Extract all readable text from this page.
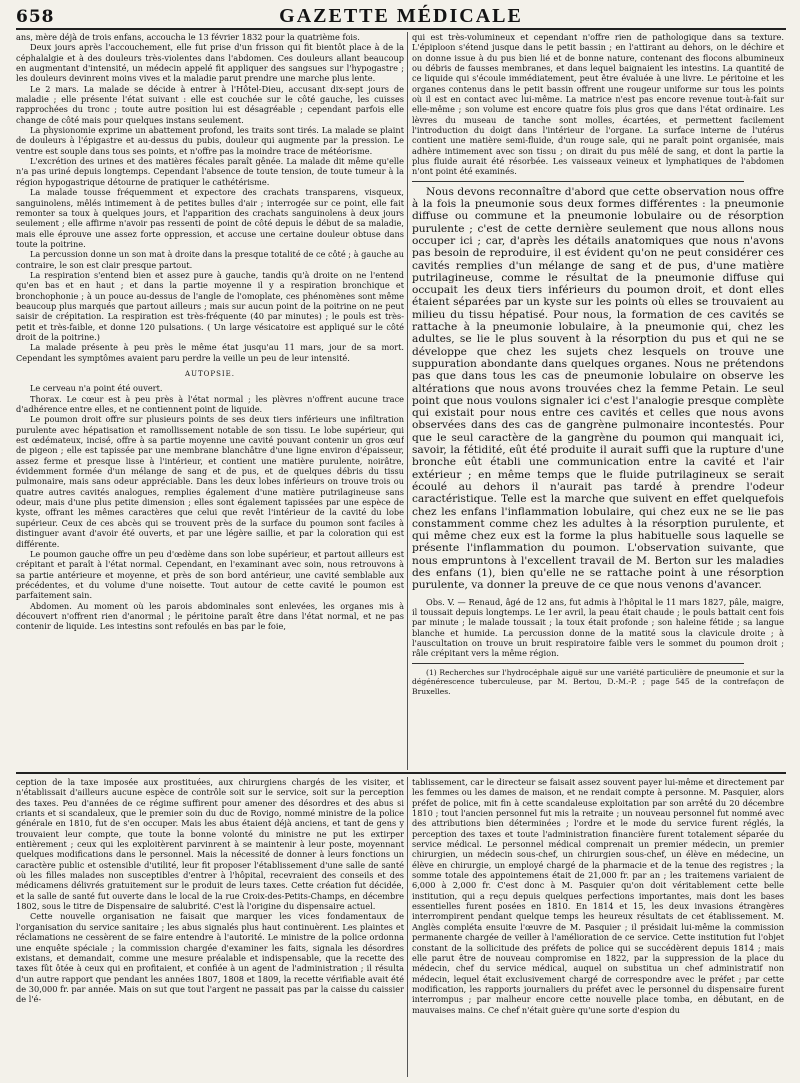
658	GAZETTE MÉDICALE

ans, mère déjà de trois enfans, accoucha le 13 février 1832 pour la quatrième fois.

Deux jours après l'accouchement, elle fut prise d'un frisson qui fit bientôt place à de la céphalalgie et à des douleurs très-violentes dans l'abdomen. Ces douleurs allant beaucoup en augmentant d'intensité, un médecin appelé fit appliquer des sangsues sur l'hypogastre ; les douleurs devinrent moins vives et la maladie parut prendre une marche plus lente.

Le 2 mars. La malade se décide à entrer à l'Hôtel-Dieu, accusant dix-sept jours de maladie ; elle présente l'état suivant : elle est couchée sur le côté gauche, les cuisses rapprochées du tronc ; toute autre position lui est désagréable ; cependant parfois elle change de côté mais pour quelques instans seulement.

La physionomie exprime un abattement profond, les traits sont tirés. La malade se plaint de douleurs à l'épigastre et au-dessus du pubis, douleur qui augmente par la pression. Le ventre est souple dans tous ses points, et n'offre pas la moindre trace de météorisme.

L'excrétion des urines et des matières fécales paraît gênée. La malade dit même qu'elle n'a pas uriné depuis longtemps. Cependant l'absence de toute tension, de toute tumeur à la région hypogastrique détourne de pratiquer le cathétérisme.

La malade tousse fréquemment et expectore des crachats transparens, visqueux, sanguinolens, mêlés intimement à de petites bulles d'air ; interrogée sur ce point, elle fait remonter sa toux à quelques jours, et l'apparition des crachats sanguinolens à deux jours seulement ; elle affirme n'avoir pas ressenti de point de côté depuis le début de sa maladie, mais elle éprouve une assez forte oppression, et accuse une certaine douleur obtuse dans toute la poitrine.

La percussion donne un son mat à droite dans la presque totalité de ce côté ; à gauche au contraire, le son est clair presque partout.

La respiration s'entend bien et assez pure à gauche, tandis qu'à droite on ne l'entend qu'en bas et en haut ; et dans la partie moyenne il y a respiration bronchique et bronchophonie ; à un pouce au-dessus de l'angle de l'omoplate, ces phénomènes sont même beaucoup plus marqués que partout ailleurs ; mais sur aucun point de la poitrine on ne peut saisir de crépitation. La respiration est très-fréquente (40 par minutes) ; le pouls est très-petit et très-faible, et donne 120 pulsations. ( Un large vésicatoire est appliqué sur le côté droit de la poitrine.)

La malade présente à peu près le même état jusqu'au 11 mars, jour de sa mort. Cependant les symptômes avaient paru perdre la veille un peu de leur intensité.

AUTOPSIE.

Le cerveau n'a point été ouvert.

Thorax. Le cœur est à peu près à l'état normal ; les plèvres n'offrent aucune trace d'adhérence entre elles, et ne contiennent point de liquide.

Le poumon droit offre sur plusieurs points de ses deux tiers inférieurs une infiltration purulente avec hépatisation et ramollissement notable de son tissu. Le lobe supérieur, qui est œdémateux, incisé, offre à sa partie moyenne une cavité pouvant contenir un gros œuf de pigeon ; elle est tapissée par une membrane blanchâtre d'une ligne environ d'épaisseur, assez ferme et presque lisse à l'intérieur, et contient une matière purulente, noirâtre, évidemment formée d'un mélange de sang et de pus, et de quelques débris du tissu pulmonaire, mais sans odeur appréciable. Dans les deux lobes inférieurs on trouve trois ou quatre autres cavités analogues, remplies également d'une matière putrilagineuse sans odeur, mais d'une plus petite dimension ; elles sont également tapissées par une espèce de kyste, offrant les mêmes caractères que celui que revêt l'intérieur de la cavité du lobe supérieur. Ceux de ces abcès qui se trouvent près de la surface du poumon sont faciles à distinguer avant d'avoir été ouverts, et par une légère saillie, et par la coloration qui est différente.

Le poumon gauche offre un peu d'œdème dans son lobe supérieur, et partout ailleurs est crépitant et paraît à l'état normal. Cependant, en l'examinant avec soin, nous retrouvons à sa partie antérieure et moyenne, et près de son bord antérieur, une cavité semblable aux précédentes, et du volume d'une noisette. Tout autour de cette cavité le poumon est parfaitement sain.

Abdomen. Au moment où les parois abdominales sont enlevées, les organes mis à découvert n'offrent rien d'anormal ; le péritoine paraît être dans l'état normal, et ne pas contenir de liquide. Les intestins sont refoulés en bas par le foie,

qui est très-volumineux et cependant n'offre rien de pathologique dans sa texture. L'épiploon s'étend jusque dans le petit bassin ; en l'attirant au dehors, on le déchire et on donne issue à du pus bien lié et de bonne nature, contenant des flocons albumineux ou débris de fausses membranes, et dans lequel baignaient les intestins. La quantité de ce liquide qui s'écoule immédiatement, peut être évaluée à une livre. Le péritoine et les organes contenus dans le petit bassin offrent une rougeur uniforme sur tous les points où il est en contact avec lui-même. La matrice n'est pas encore revenue tout-à-fait sur elle-même ; son volume est encore quatre fois plus gros que dans l'état ordinaire. Les lèvres du museau de tanche sont molles, écartées, et permettent facilement l'introduction du doigt dans l'intérieur de l'organe. La surface interne de l'utérus contient une matière semi-fluide, d'un rouge sale, qui ne paraît point organisée, mais adhère intimement avec son tissu ; on dirait du pus mêlé de sang, et dont la partie la plus fluide aurait été résorbée. Les vaisseaux veineux et lymphatiques de l'abdomen n'ont point été examinés.

Nous devons reconnaître d'abord que cette observation nous offre à la fois la pneumonie sous deux formes différentes : la pneumonie diffuse ou commune et la pneumonie lobulaire ou de résorption purulente ; c'est de cette dernière seulement que nous allons nous occuper ici ; car, d'après les détails anatomiques que nous n'avons pas besoin de reproduire, il est évident qu'on ne peut considérer ces cavités remplies d'un mélange de sang et de pus, d'une matière putrilagineuse, comme le résultat de la pneumonie diffuse qui occupait les deux tiers inférieurs du poumon droit, et dont elles étaient séparées par un kyste sur les points où elles se trouvaient au milieu du tissu hépatisé. Pour nous, la formation de ces cavités se rattache à la pneumonie lobulaire, à la pneumonie qui, chez les adultes, se lie le plus souvent à la résorption du pus et qui ne se développe que chez les sujets chez lesquels on trouve une suppuration abondante dans quelques organes. Nous ne prétendons pas que dans tous les cas de pneumonie lobulaire on observe les altérations que nous avons trouvées chez la femme Petain. Le seul point que nous voulons signaler ici c'est l'analogie presque complète qui existait pour nous entre ces cavités et celles que nous avons observées dans des cas de gangrène pulmonaire incontestés. Pour que le seul caractère de la gangrène du poumon qui manquait ici, savoir, la fétidité, eût été produite il aurait suffi que la rupture d'une bronche eût établi une communication entre la cavité et l'air extérieur ; en même temps que le fluide putrilagineux se serait écoulé au dehors il n'aurait pas tardé à prendre l'odeur caractéristique. Telle est la marche que suivent en effet quelquefois chez les enfans l'inflammation lobulaire, qui chez eux ne se lie pas constamment comme chez les adultes à la résorption purulente, et qui même chez eux est la forme la plus habituelle sous laquelle se présente l'inflammation du poumon. L'observation suivante, que nous empruntons à l'excellent travail de M. Berton sur les maladies des enfans (1), bien qu'elle ne se rattache point à une résorption purulente, va donner la preuve de ce que nous venons d'avancer.

Obs. V. — Renaud, âgé de 12 ans, fut admis à l'hôpital le 11 mars 1827, pâle, maigre, il toussait depuis longtemps. Le 1er avril, la peau était chaude ; le pouls battait cent fois par minute ; le malade toussait ; la toux était profonde ; son haleine fétide ; sa langue blanche et humide. La percussion donne de la matité sous la clavicule droite ; à l'auscultation on trouve un bruit respiratoire faible vers le sommet du poumon droit ; râle crépitant vers la même région.

(1) Recherches sur l'hydrocéphale aiguë sur une variété particulière de pneumonie et sur la dégénérescence tuberculeuse, par M. Bertou, D.-M.-P. ; page 545 de la contrefaçon de Bruxelles.

ception de la taxe imposée aux prostituées, aux chirurgiens chargés de les visiter, et n'établissait d'ailleurs aucune espèce de contrôle soit sur le service, soit sur la perception des taxes. Peu d'années de ce régime suffirent pour amener des désordres et des abus si criants et si scandaleux, que le premier soin du duc de Rovigo, nommé ministre de la police générale en 1810, fut de s'en occuper. Mais les abus étaient déjà anciens, et tant de gens y trouvaient leur compte, que toute la bonne volonté du ministre ne put les extirper entièrement ; ceux qui les exploitèrent parvinrent à se maintenir à leur poste, moyennant quelques modifications dans le personnel. Mais la nécessité de donner à leurs fonctions un caractère public et ostensible d'utilité, leur fit proposer l'établissement d'une salle de santé où les filles malades non susceptibles d'entrer à l'hôpital, recevraient des conseils et des médicamens délivrés gratuitement sur le produit de leurs taxes. Cette création fut décidée, et la salle de santé fut ouverte dans le local de la rue Croix-des-Petits-Champs, en décembre 1802, sous le titre de Dispensaire de salubrité. C'est là l'origine du dispensaire actuel.

Cette nouvelle organisation ne faisait que marquer les vices fondamentaux de l'organisation du service sanitaire ; les abus signalés plus haut continuèrent. Les plaintes et réclamations ne cessèrent de se faire entendre à l'autorité. Le ministre de la police ordonna une enquête spéciale ; la commission chargée d'examiner les faits, signala les désordres existans, et demandait, comme une mesure préalable et indispensable, que la recette des taxes fût ôtée à ceux qui en profitaient, et confiée à un agent de l'administration ; il résulta d'un autre rapport que pendant les années 1807, 1808 et 1809, la recette vérifiable avait été de 30,000 fr. par année. Mais on sut que tout l'argent ne passait pas par la caisse du caissier de l'é-

tablissement, car le directeur se faisait assez souvent payer lui-même et directement par les femmes ou les dames de maison, et ne rendait compte à personne. M. Pasquier, alors préfet de police, mit fin à cette scandaleuse exploitation par son arrêté du 20 décembre 1810 ; tout l'ancien personnel fut mis la retraite ; un nouveau personnel fut nommé avec des attributions bien déterminées ; l'ordre et le mode du service furent réglés, la perception des taxes et toute l'administration financière furent totalement séparée du service médical. Le personnel médical comprenait un premier médecin, un premier chirurgien, un médecin sous-chef, un chirurgien sous-chef, un élève en médecine, un élève en chirurgie, un employé chargé de la pharmacie et de la tenue des registres ; la somme totale des appointemens était de 21,000 fr. par an ; les traitemens variaient de 6,000 à 2,000 fr. C'est donc à M. Pasquier qu'on doit véritablement cette belle institution, qui a reçu depuis quelques perfections importantes, mais dont les bases essentielles furent posées en 1810. En 1814 et 15, les deux invasions étrangères interrompirent pendant quelque temps les heureux résultats de cet établissement. M. Anglès compléta ensuite l'œuvre de M. Pasquier ; il présidait lui-même la commission permanente chargée de veiller à l'amélioration de ce service. Cette institution fut l'objet constant de la sollicitude des préfets de police qui se succédèrent depuis 1814 ; mais elle parut être de nouveau compromise en 1822, par la suppression de la place du médecin, chef du service médical, auquel on substitua un chef administratif non médecin, lequel était exclusivement chargé de correspondre avec le préfet ; par cette modification, les rapports journaliers du préfet avec le personnel du dispensaire furent interrompus ; par malheur encore cette nouvelle place tomba, en débutant, en de mauvaises mains. Ce chef n'était guère qu'une sorte d'espion du
